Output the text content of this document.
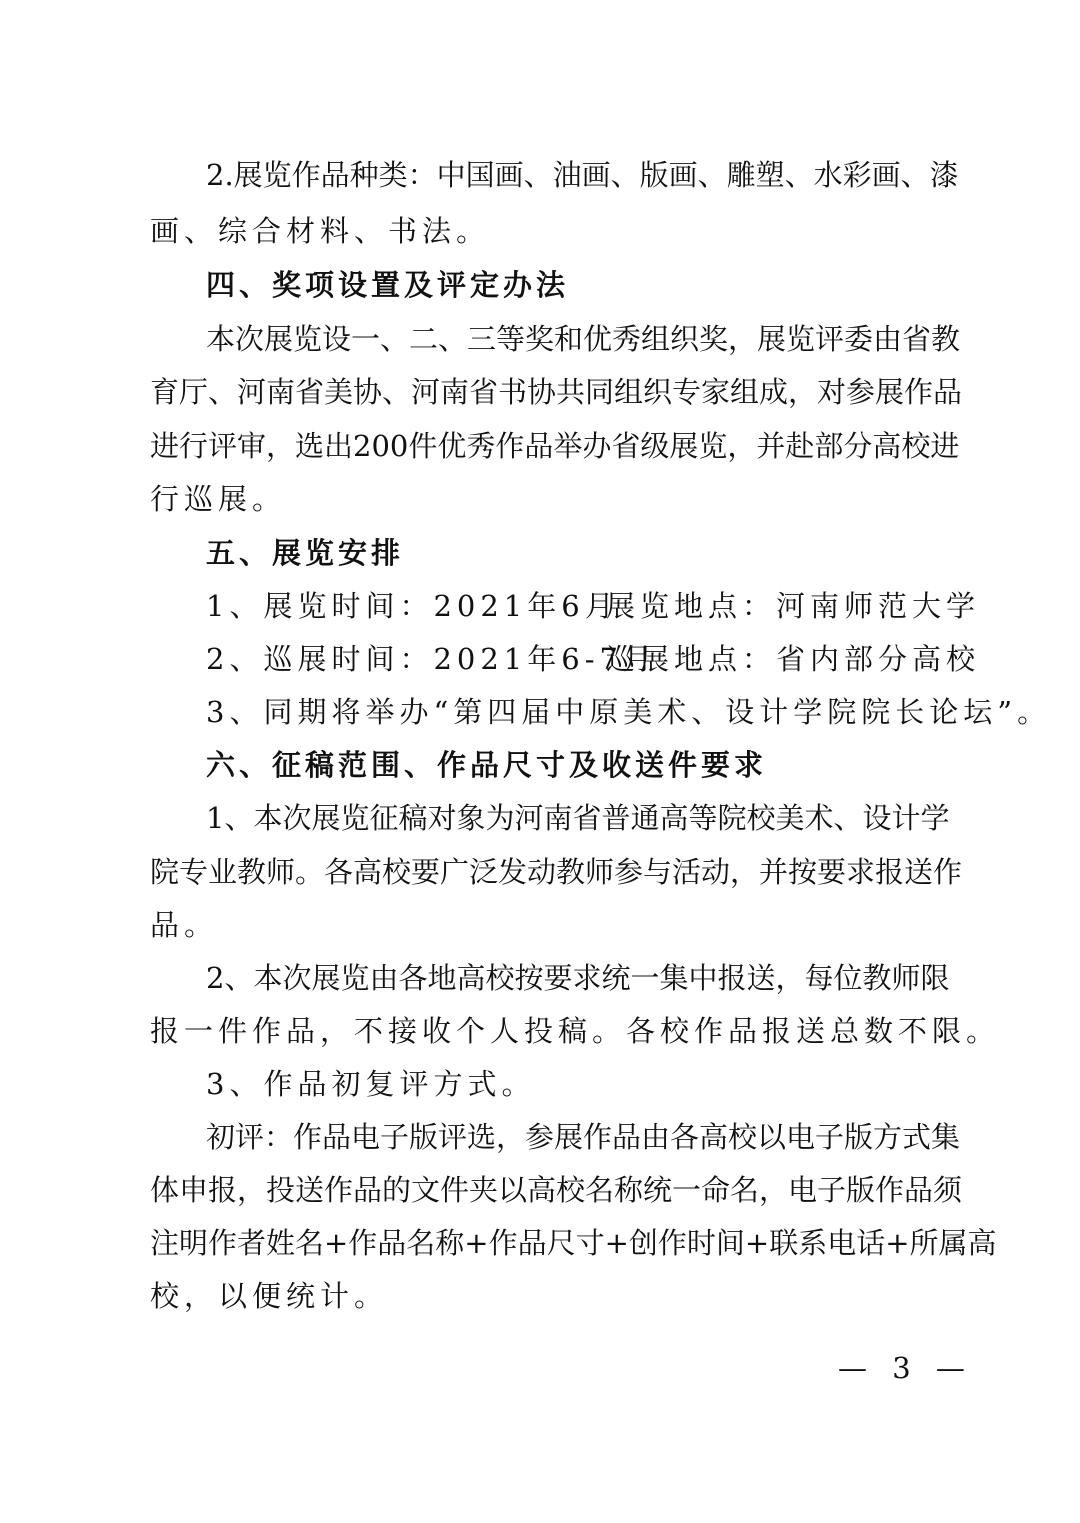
2.展览作品种类：中国画、油画、版画、雕塑、水彩画、漆
画、综合材料、书法。
四、奖项设置及评定办法
本次展览设一、二、三等奖和优秀组织奖，展览评委由省教
育厅、河南省美协、河南省书协共同组织专家组成，对参展作品
进行评审，选出200件优秀作品举办省级展览，并赴部分高校进
行巡展。
五、展览安排
1、展览时间：2021年6月展览地点：河南师范大学
2、巡展时间：2021年6-7月巡展地点：省内部分高校
3、同期将举办“第四届中原美术、设计学院院长论坛”。
六、征稿范围、作品尺寸及收送件要求
1、本次展览征稿对象为河南省普通高等院校美术、设计学
院专业教师。各高校要广泛发动教师参与活动，并按要求报送作
品。
2、本次展览由各地高校按要求统一集中报送，每位教师限
报一件作品，不接收个人投稿。各校作品报送总数不限。
3、作品初复评方式。
初评：作品电子版评选，参展作品由各高校以电子版方式集
体申报，投送作品的文件夹以高校名称统一命名，电子版作品须
注明作者姓名+作品名称+作品尺寸+创作时间+联系电话+所属高
校，以便统计。
— 3 —
